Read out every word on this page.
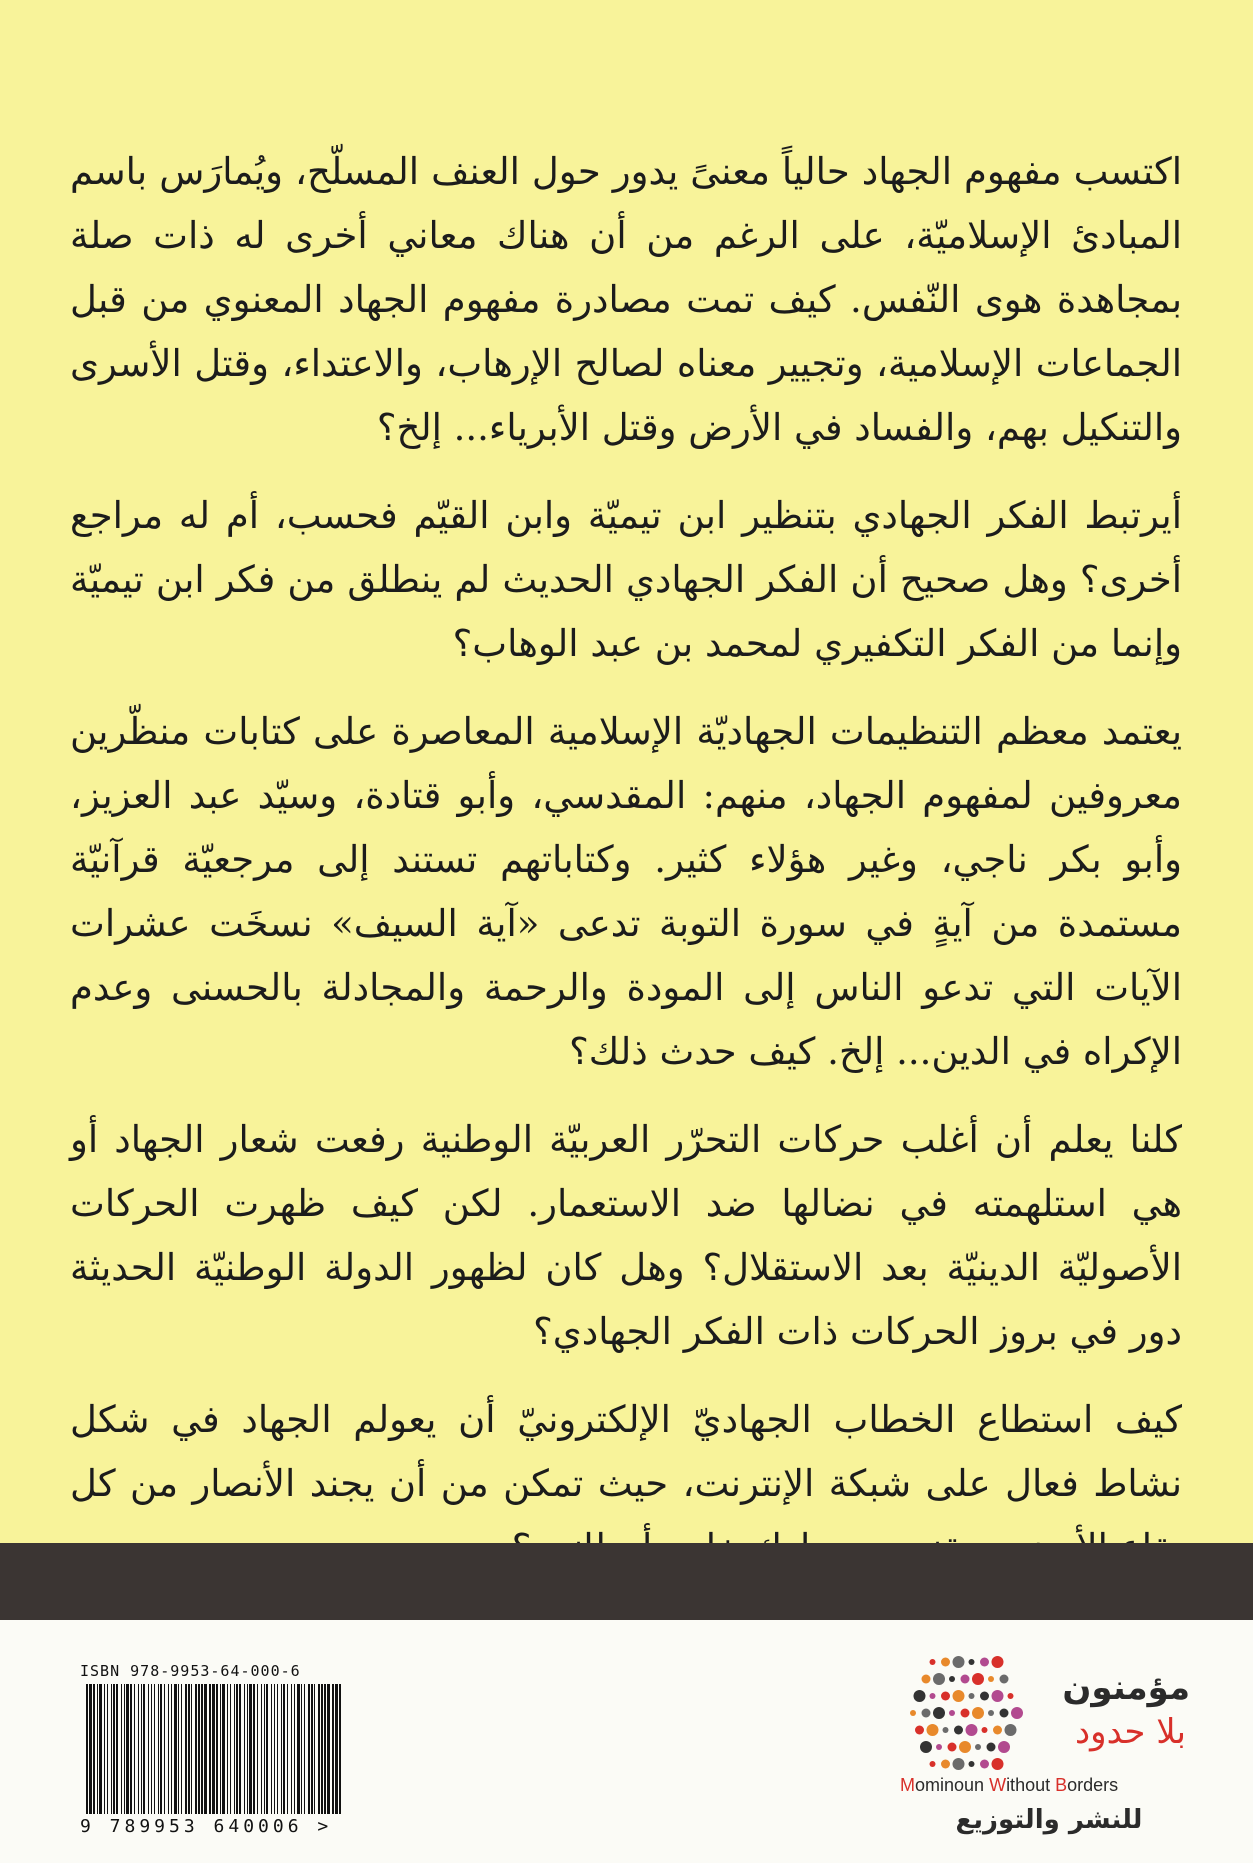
اكتسب مفهوم الجهاد حالياً معنىً يدور حول العنف المسلّح، ويُمارَس باسم المبادئ الإسلاميّة، على الرغم من أن هناك معاني أخرى له ذات صلة بمجاهدة هوى النّفس. كيف تمت مصادرة مفهوم الجهاد المعنوي من قبل الجماعات الإسلامية، وتجيير معناه لصالح الإرهاب، والاعتداء، وقتل الأسرى والتنكيل بهم، والفساد في الأرض وقتل الأبرياء... إلخ؟

أيرتبط الفكر الجهادي بتنظير ابن تيميّة وابن القيّم فحسب، أم له مراجع أخرى؟ وهل صحيح أن الفكر الجهادي الحديث لم ينطلق من فكر ابن تيميّة وإنما من الفكر التكفيري لمحمد بن عبد الوهاب؟

يعتمد معظم التنظيمات الجهاديّة الإسلامية المعاصرة على كتابات منظّرين معروفين لمفهوم الجهاد، منهم: المقدسي، وأبو قتادة، وسيّد عبد العزيز، وأبو بكر ناجي، وغير هؤلاء كثير. وكتاباتهم تستند إلى مرجعيّة قرآنيّة مستمدة من آيةٍ في سورة التوبة تدعى «آية السيف» نسخَت عشرات الآيات التي تدعو الناس إلى المودة والرحمة والمجادلة بالحسنى وعدم الإكراه في الدين... إلخ. كيف حدث ذلك؟

كلنا يعلم أن أغلب حركات التحرّر العربيّة الوطنية رفعت شعار الجهاد أو هي استلهمته في نضالها ضد الاستعمار. لكن كيف ظهرت الحركات الأصوليّة الدينيّة بعد الاستقلال؟ وهل كان لظهور الدولة الوطنيّة الحديثة دور في بروز الحركات ذات الفكر الجهادي؟

كيف استطاع الخطاب الجهاديّ الإلكترونيّ أن يعولم الجهاد في شكل نشاط فعال على شبكة الإنترنت، حيث تمكن من أن يجند الأنصار من كل

ISBN 978-9953-64-000-6
9 789953 640006 >
مؤمنون
بلا حدود
Mominoun Without Borders
للنشر والتوزيع
